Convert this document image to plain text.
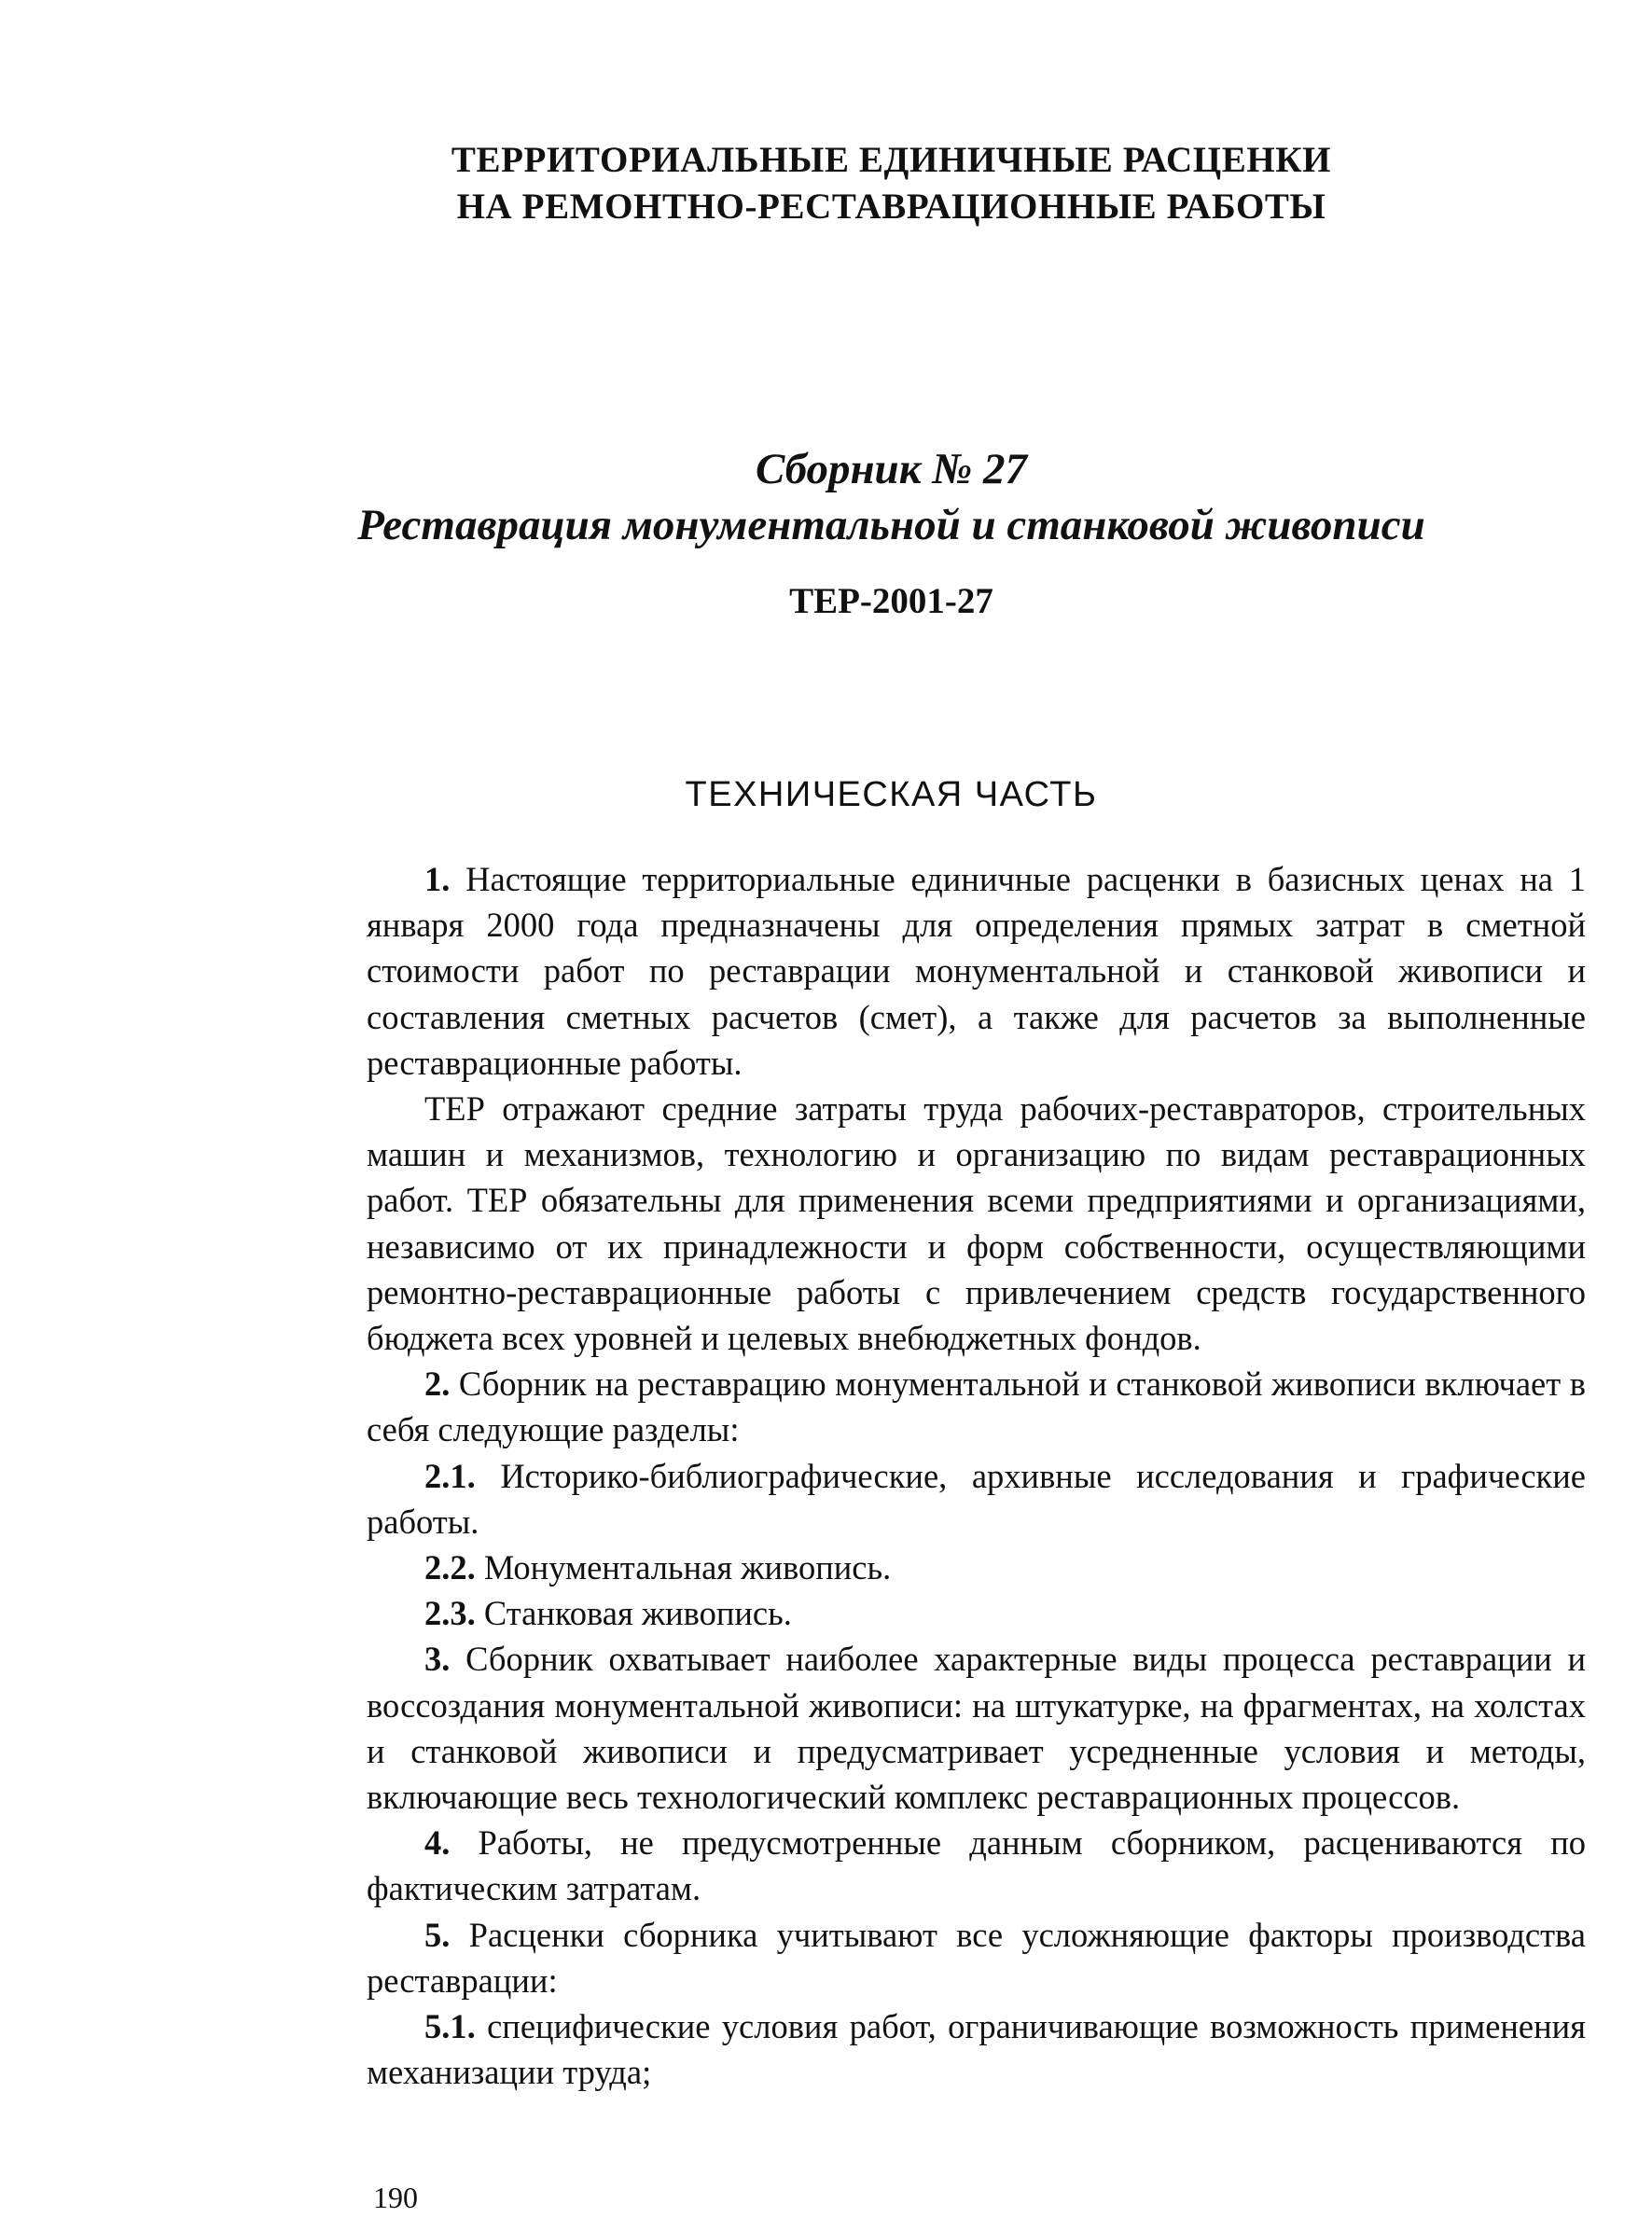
ТЕРРИТОРИАЛЬНЫЕ ЕДИНИЧНЫЕ РАСЦЕНКИ
НА РЕМОНТНО-РЕСТАВРАЦИОННЫЕ РАБОТЫ
Сборник № 27
Реставрация монументальной и станковой живописи
ТЕР-2001-27
ТЕХНИЧЕСКАЯ ЧАСТЬ

1. Настоящие территориальные единичные расценки в базисных ценах на 1 января 2000 года предназначены для определения прямых затрат в сметной стоимости работ по реставрации монументальной и станковой живописи и составления сметных расчетов (смет), а также для расчетов за выполненные реставрационные работы.

ТЕР отражают средние затраты труда рабочих-реставраторов, строительных машин и механизмов, технологию и организацию по видам реставрационных работ. ТЕР обязательны для применения всеми предприятиями и организациями, независимо от их принадлежности и форм собственности, осуществляющими ремонтно-реставрационные работы с привлечением средств государственного бюджета всех уровней и целевых внебюджетных фондов.

2. Сборник на реставрацию монументальной и станковой живописи включает в себя следующие разделы:

2.1. Историко-библиографические, архивные исследования и графические работы.

2.2. Монументальная живопись.

2.3. Станковая живопись.

3. Сборник охватывает наиболее характерные виды процесса реставрации и воссоздания монументальной живописи: на штукатурке, на фрагментах, на холстах и станковой живописи и предусматривает усредненные условия и методы, включающие весь технологический комплекс реставрационных процессов.

4. Работы, не предусмотренные данным сборником, расцениваются по фактическим затратам.

5. Расценки сборника учитывают все усложняющие факторы производства реставрации:

5.1. специфические условия работ, ограничивающие возможность применения механизации труда;

190
